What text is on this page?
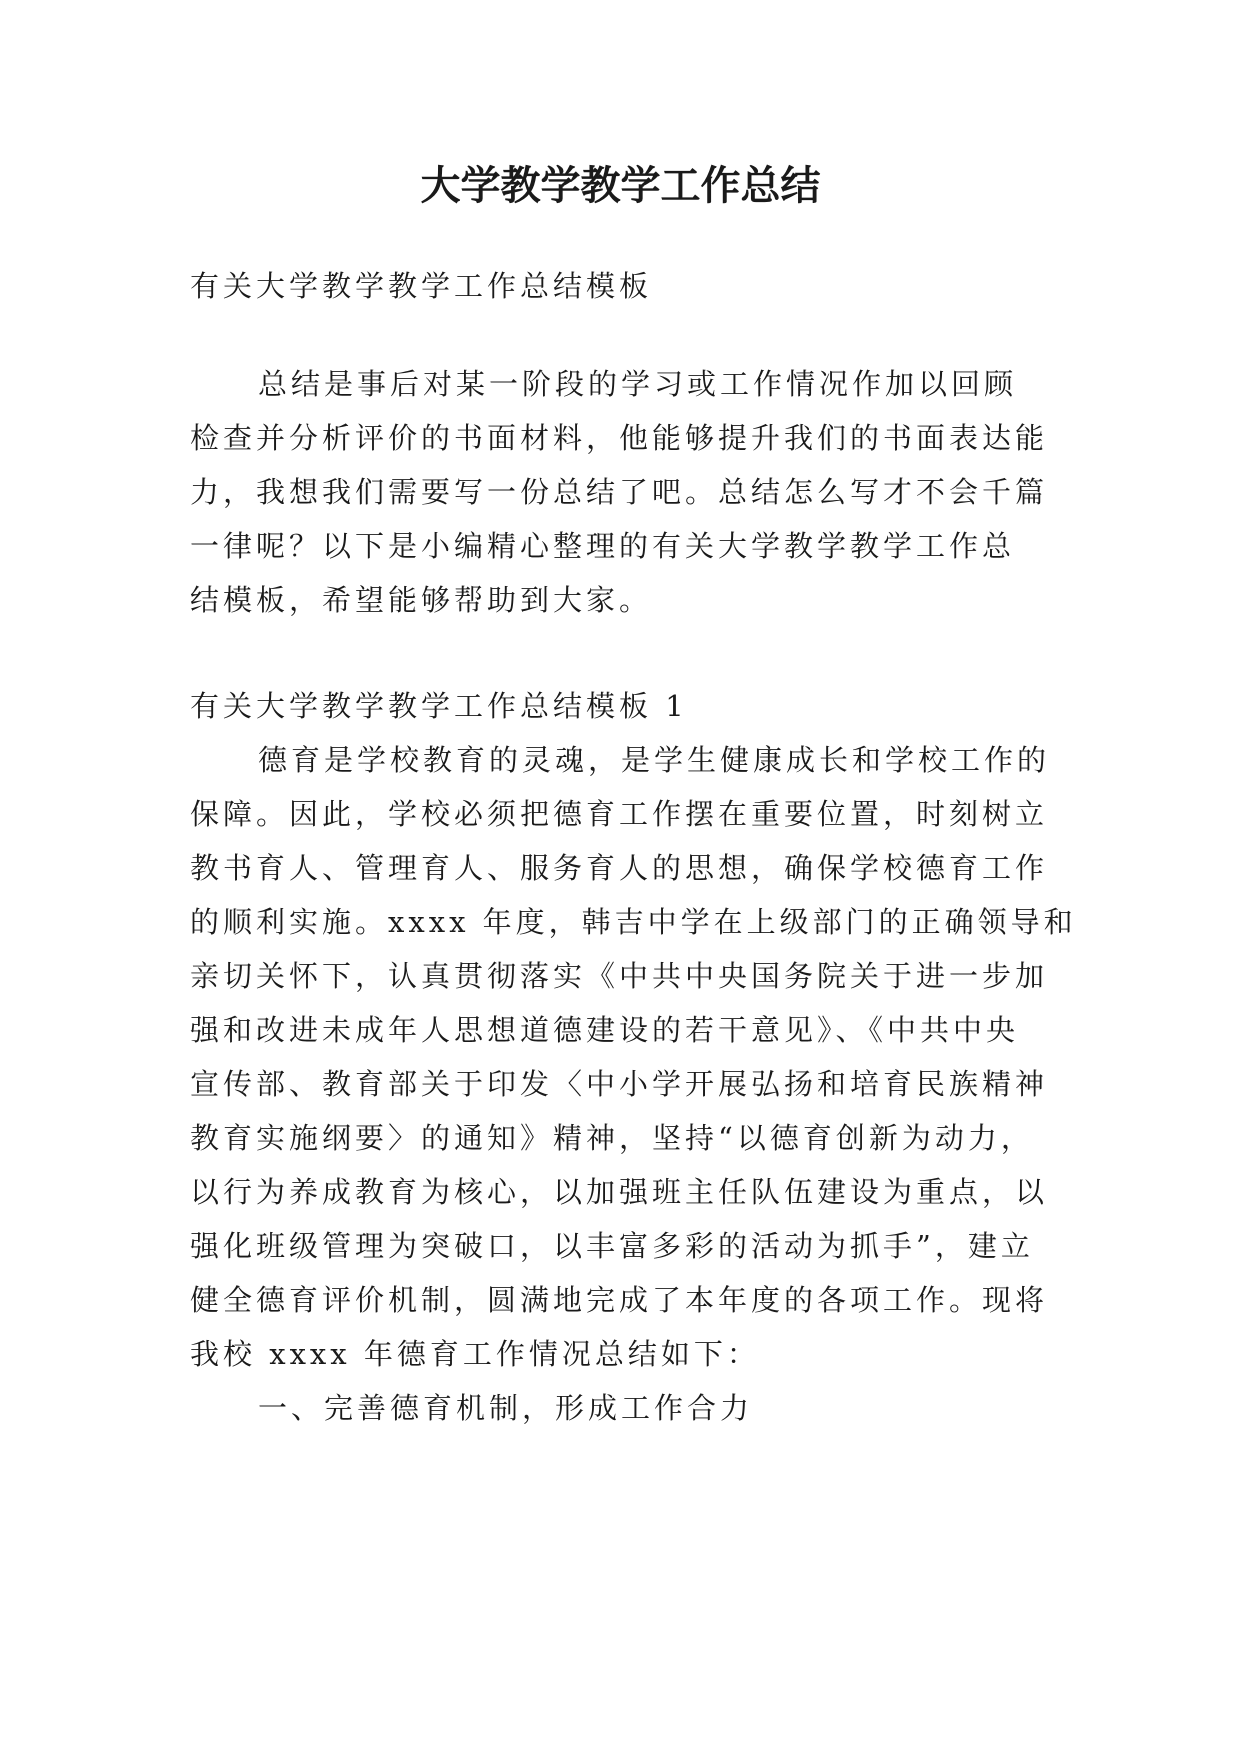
大学教学教学工作总结

有关大学教学教学工作总结模板

总结是事后对某一阶段的学习或工作情况作加以回顾

检查并分析评价的书面材料，他能够提升我们的书面表达能

力，我想我们需要写一份总结了吧。总结怎么写才不会千篇

一律呢？以下是小编精心整理的有关大学教学教学工作总

结模板，希望能够帮助到大家。

有关大学教学教学工作总结模板 1

德育是学校教育的灵魂，是学生健康成长和学校工作的

保障。因此，学校必须把德育工作摆在重要位置，时刻树立

教书育人、管理育人、服务育人的思想，确保学校德育工作

的顺利实施。xxxx 年度，韩吉中学在上级部门的正确领导和

亲切关怀下，认真贯彻落实《中共中央国务院关于进一步加

强和改进未成年人思想道德建设的若干意见》、《中共中央

宣传部、教育部关于印发〈中小学开展弘扬和培育民族精神

教育实施纲要〉的通知》精神，坚持“以德育创新为动力，

以行为养成教育为核心，以加强班主任队伍建设为重点，以

强化班级管理为突破口，以丰富多彩的活动为抓手”，建立

健全德育评价机制，圆满地完成了本年度的各项工作。现将

我校 xxxx 年德育工作情况总结如下：

一、完善德育机制，形成工作合力
